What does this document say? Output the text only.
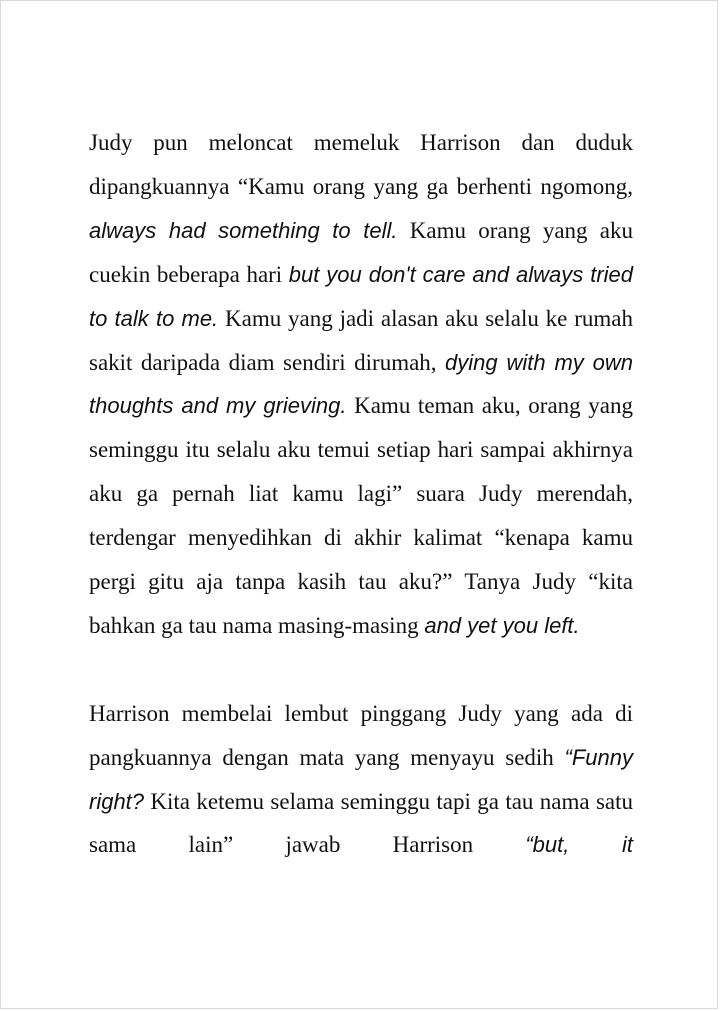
Judy pun meloncat memeluk Harrison dan duduk dipangkuannya “Kamu orang yang ga berhenti ngomong, always had something to tell. Kamu orang yang aku cuekin beberapa hari but you don't care and always tried to talk to me. Kamu yang jadi alasan aku selalu ke rumah sakit daripada diam sendiri dirumah, dying with my own thoughts and my grieving. Kamu teman aku, orang yang seminggu itu selalu aku temui setiap hari sampai akhirnya aku ga pernah liat kamu lagi” suara Judy merendah, terdengar menyedihkan di akhir kalimat “kenapa kamu pergi gitu aja tanpa kasih tau aku?” Tanya Judy “kita bahkan ga tau nama masing-masing and yet you left.

Harrison membelai lembut pinggang Judy yang ada di pangkuannya dengan mata yang menyayu sedih “Funny right? Kita ketemu selama seminggu tapi ga tau nama satu sama lain” jawab Harrison “but, it
